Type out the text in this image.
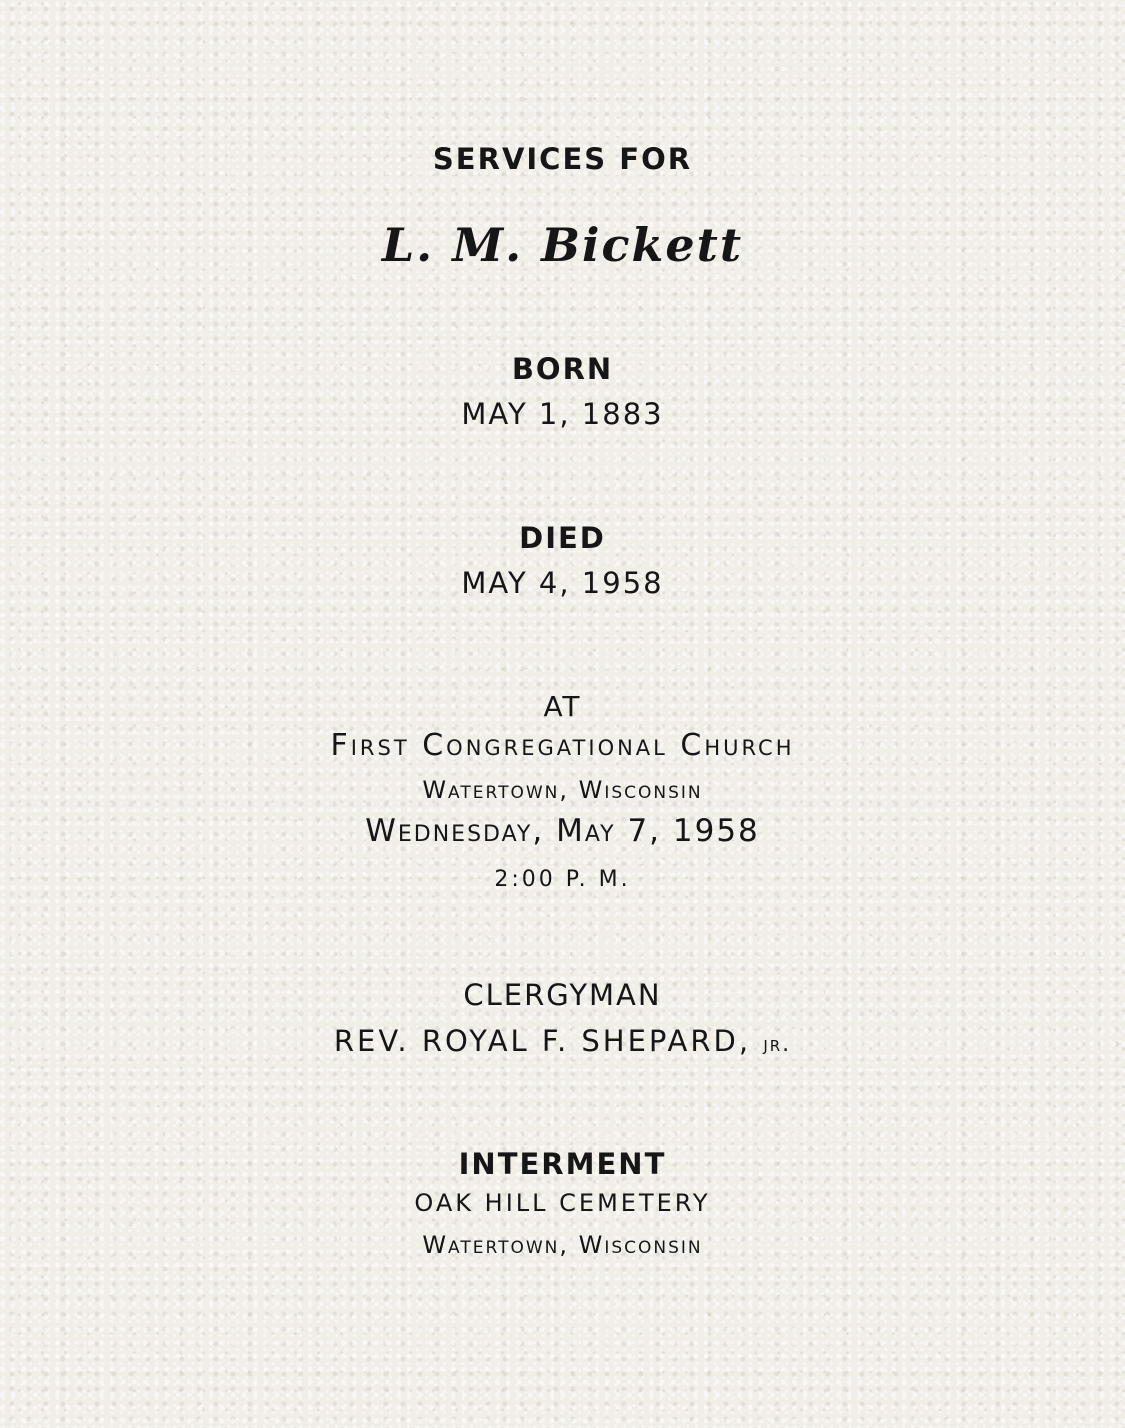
SERVICES FOR
L. M. Bickett
BORN
MAY 1, 1883
DIED
MAY 4, 1958
AT
First Congregational Church
Watertown, Wisconsin
Wednesday, May 7, 1958
2:00 P. M.
CLERGYMAN
REV. ROYAL F. SHEPARD, jr.
INTERMENT
OAK HILL CEMETERY
Watertown, Wisconsin
